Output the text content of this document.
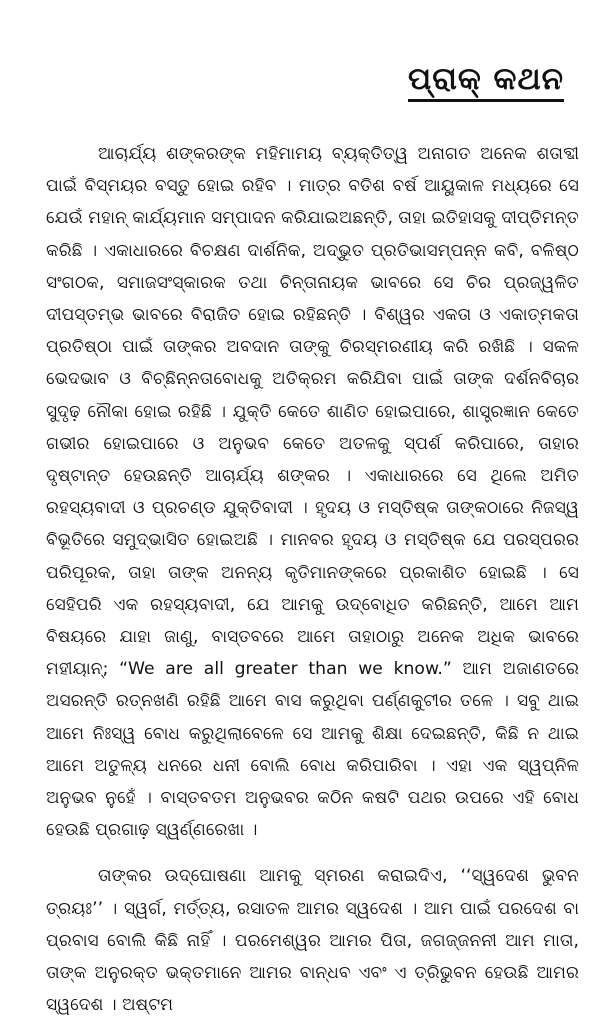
ପ୍ରାକ୍ କଥନ

ଆଚାର୍ଯ୍ୟ ଶଙ୍କରଙ୍କ ମହିମାମୟ ବ୍ୟକ୍ତିତ୍ୱ ଅନାଗତ ଅନେକ ଶତାବ୍ଦୀ ପାଇଁ ବିସ୍ମୟର ବସ୍ତୁ ହୋଇ ରହିବ । ମାତ୍ର ବତିଶ ବର୍ଷ ଆୟୁକାଳ ମଧ୍ୟରେ ସେ ଯେଉଁ ମହାନ୍ କାର୍ଯ୍ୟମାନ ସମ୍ପାଦନ କରିଯାଇଅଛନ୍ତି, ତାହା ଇତିହାସକୁ ଦୀପ୍ତିମନ୍ତ କରିଛି । ଏକାଧାରରେ ବିଚକ୍ଷଣ ଦାର୍ଶନିକ, ଅଦ୍ଭୁତ ପ୍ରତିଭାସମ୍ପନ୍ନ କବି, ବଳିଷ୍ଠ ସଂଗଠକ, ସମାଜସଂସ୍କାରକ ତଥା ଚିନ୍ତାନାୟକ ଭାବରେ ସେ ଚିର ପ୍ରଜ୍ୱଳିତ ଦୀପସ୍ତମ୍ଭ ଭାବରେ ବିରାଜିତ ହୋଇ ରହିଛନ୍ତି । ବିଶ୍ୱର ଏକତା ଓ ଏକାତ୍ମକତା ପ୍ରତିଷ୍ଠା ପାଇଁ ତାଙ୍କର ଅବଦାନ ତାଙ୍କୁ ଚିରସ୍ମରଣୀୟ କରି ରଖିଛି । ସକଳ ଭେଦଭାବ ଓ ବିଚ୍ଛିନ୍ନତାବୋଧକୁ ଅତିକ୍ରମ କରିଯିବା ପାଇଁ ତାଙ୍କ ଦର୍ଶନବିଚାର ସୁଦୃଢ଼ ନୌକା ହୋଇ ରହିଛି । ଯୁକ୍ତି କେତେ ଶାଣିତ ହୋଇପାରେ, ଶାସ୍ତ୍ରଜ୍ଞାନ କେତେ ଗଭୀର ହୋଇପାରେ ଓ ଅନୁଭବ କେତେ ଅତଳକୁ ସ୍ପର୍ଶ କରିପାରେ, ତାହାର ଦୃଷ୍ଟାନ୍ତ ହେଉଛନ୍ତି ଆଚାର୍ଯ୍ୟ ଶଙ୍କର । ଏକାଧାରରେ ସେ ଥିଲେ ଅମିତ ରହସ୍ୟବାଦୀ ଓ ପ୍ରଚଣ୍ଡ ଯୁକ୍ତିବାଦୀ । ହୃଦୟ ଓ ମସ୍ତିଷ୍କ ତାଙ୍କଠାରେ ନିଜସ୍ୱ ବିଭୂତିରେ ସମୁଦ୍ଭାସିତ ହୋଇଅଛି । ମାନବର ହୃଦୟ ଓ ମସ୍ତିଷ୍କ ଯେ ପରସ୍ପରର ପରିପୂରକ, ତାହା ତାଙ୍କ ଅନନ୍ୟ କୃତିମାନଙ୍କରେ ପ୍ରକାଶିତ ହୋଇଛି । ସେ ସେହିପରି ଏକ ରହସ୍ୟବାଦୀ, ଯେ ଆମକୁ ଉଦ୍‌ବୋଧିତ କରିଛନ୍ତି, ଆମେ ଆମ ବିଷୟରେ ଯାହା ଜାଣୁ, ବାସ୍ତବରେ ଆମେ ତାହାଠାରୁ ଅନେକ ଅଧିକ ଭାବରେ ମହୀୟାନ୍; “We are all greater than we know.” ଆମ ଅଜାଣତରେ ଅସରନ୍ତି ରତ୍ନଖଣି ରହିଛି ଆମେ ବାସ କରୁଥିବା ପର୍ଣ୍ଣକୁଟୀର ତଳେ । ସବୁ ଥାଇ ଆମେ ନିଃସ୍ୱ ବୋଧ କରୁଥିଲାବେଳେ ସେ ଆମକୁ ଶିକ୍ଷା ଦେଇଛନ୍ତି, କିଛି ନ ଥାଇ ଆମେ ଅତୁଳ୍ୟ ଧନରେ ଧନୀ ବୋଲି ବୋଧ କରିପାରିବା । ଏହା ଏକ ସ୍ୱପ୍ନିଳ ଅନୁଭବ ନୁହେଁ । ବାସ୍ତବତମ ଅନୁଭବର କଠିନ କଷଟି ପଥର ଉପରେ ଏହି ବୋଧ ହେଉଛି ପ୍ରଗାଢ଼ ସ୍ୱର୍ଣ୍ଣରେଖା ।

ତାଙ୍କର ଉଦ୍‌ଘୋଷଣା ଆମକୁ ସ୍ମରଣ କରାଇଦିଏ, ‘‘ସ୍ୱଦେଶ ଭୁବନ ତ୍ରୟଃ’’ । ସ୍ୱର୍ଗ, ମର୍ତ୍ତ୍ୟ, ରସାତଳ ଆମର ସ୍ୱଦେଶ । ଆମ ପାଇଁ ପରଦେଶ ବା ପ୍ରବାସ ବୋଲି କିଛି ନାହିଁ । ପରମେଶ୍ୱର ଆମର ପିତା, ଜଗଜ୍ଜନନୀ ଆମ ମାତା, ତାଙ୍କ ଅନୁରକ୍ତ ଭକ୍ତମାନେ ଆମର ବାନ୍ଧବ ଏବଂ ଏ ତ୍ରିଭୁବନ ହେଉଛି ଆମର ସ୍ୱଦେଶ । ଅଷ୍ଟମ
